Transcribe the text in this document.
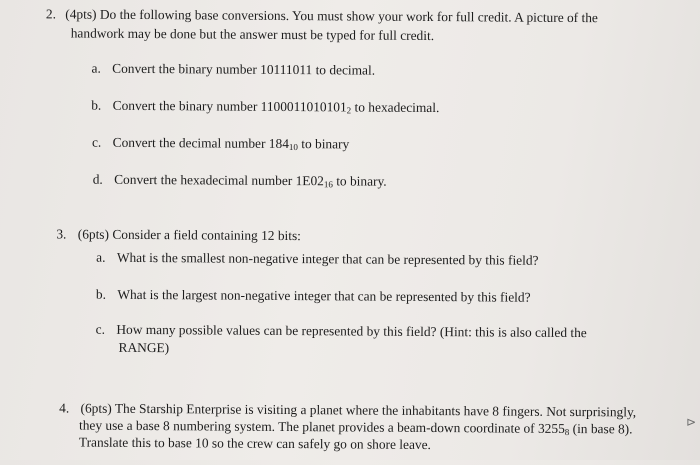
2. (4pts) Do the following base conversions. You must show your work for full credit. A picture of the
handwork may be done but the answer must be typed for full credit.
a. Convert the binary number 10111011 to decimal.
b. Convert the binary number $1100011010101_2$ to hexadecimal.
c. Convert the decimal number $184_{10}$ to binary
d. Convert the hexadecimal number $1E02_{16}$ to binary.
3. (6pts) Consider a field containing 12 bits:
a. What is the smallest non-negative integer that can be represented by this field?
b. What is the largest non-negative integer that can be represented by this field?
c. How many possible values can be represented by this field? (Hint: this is also called the
RANGE)
4. (6pts) The Starship Enterprise is visiting a planet where the inhabitants have 8 fingers. Not surprisingly,
they use a base 8 numbering system. The planet provides a beam-down coordinate of $3255_8$ (in base 8).
Translate this to base 10 so the crew can safely go on shore leave.
⊳
